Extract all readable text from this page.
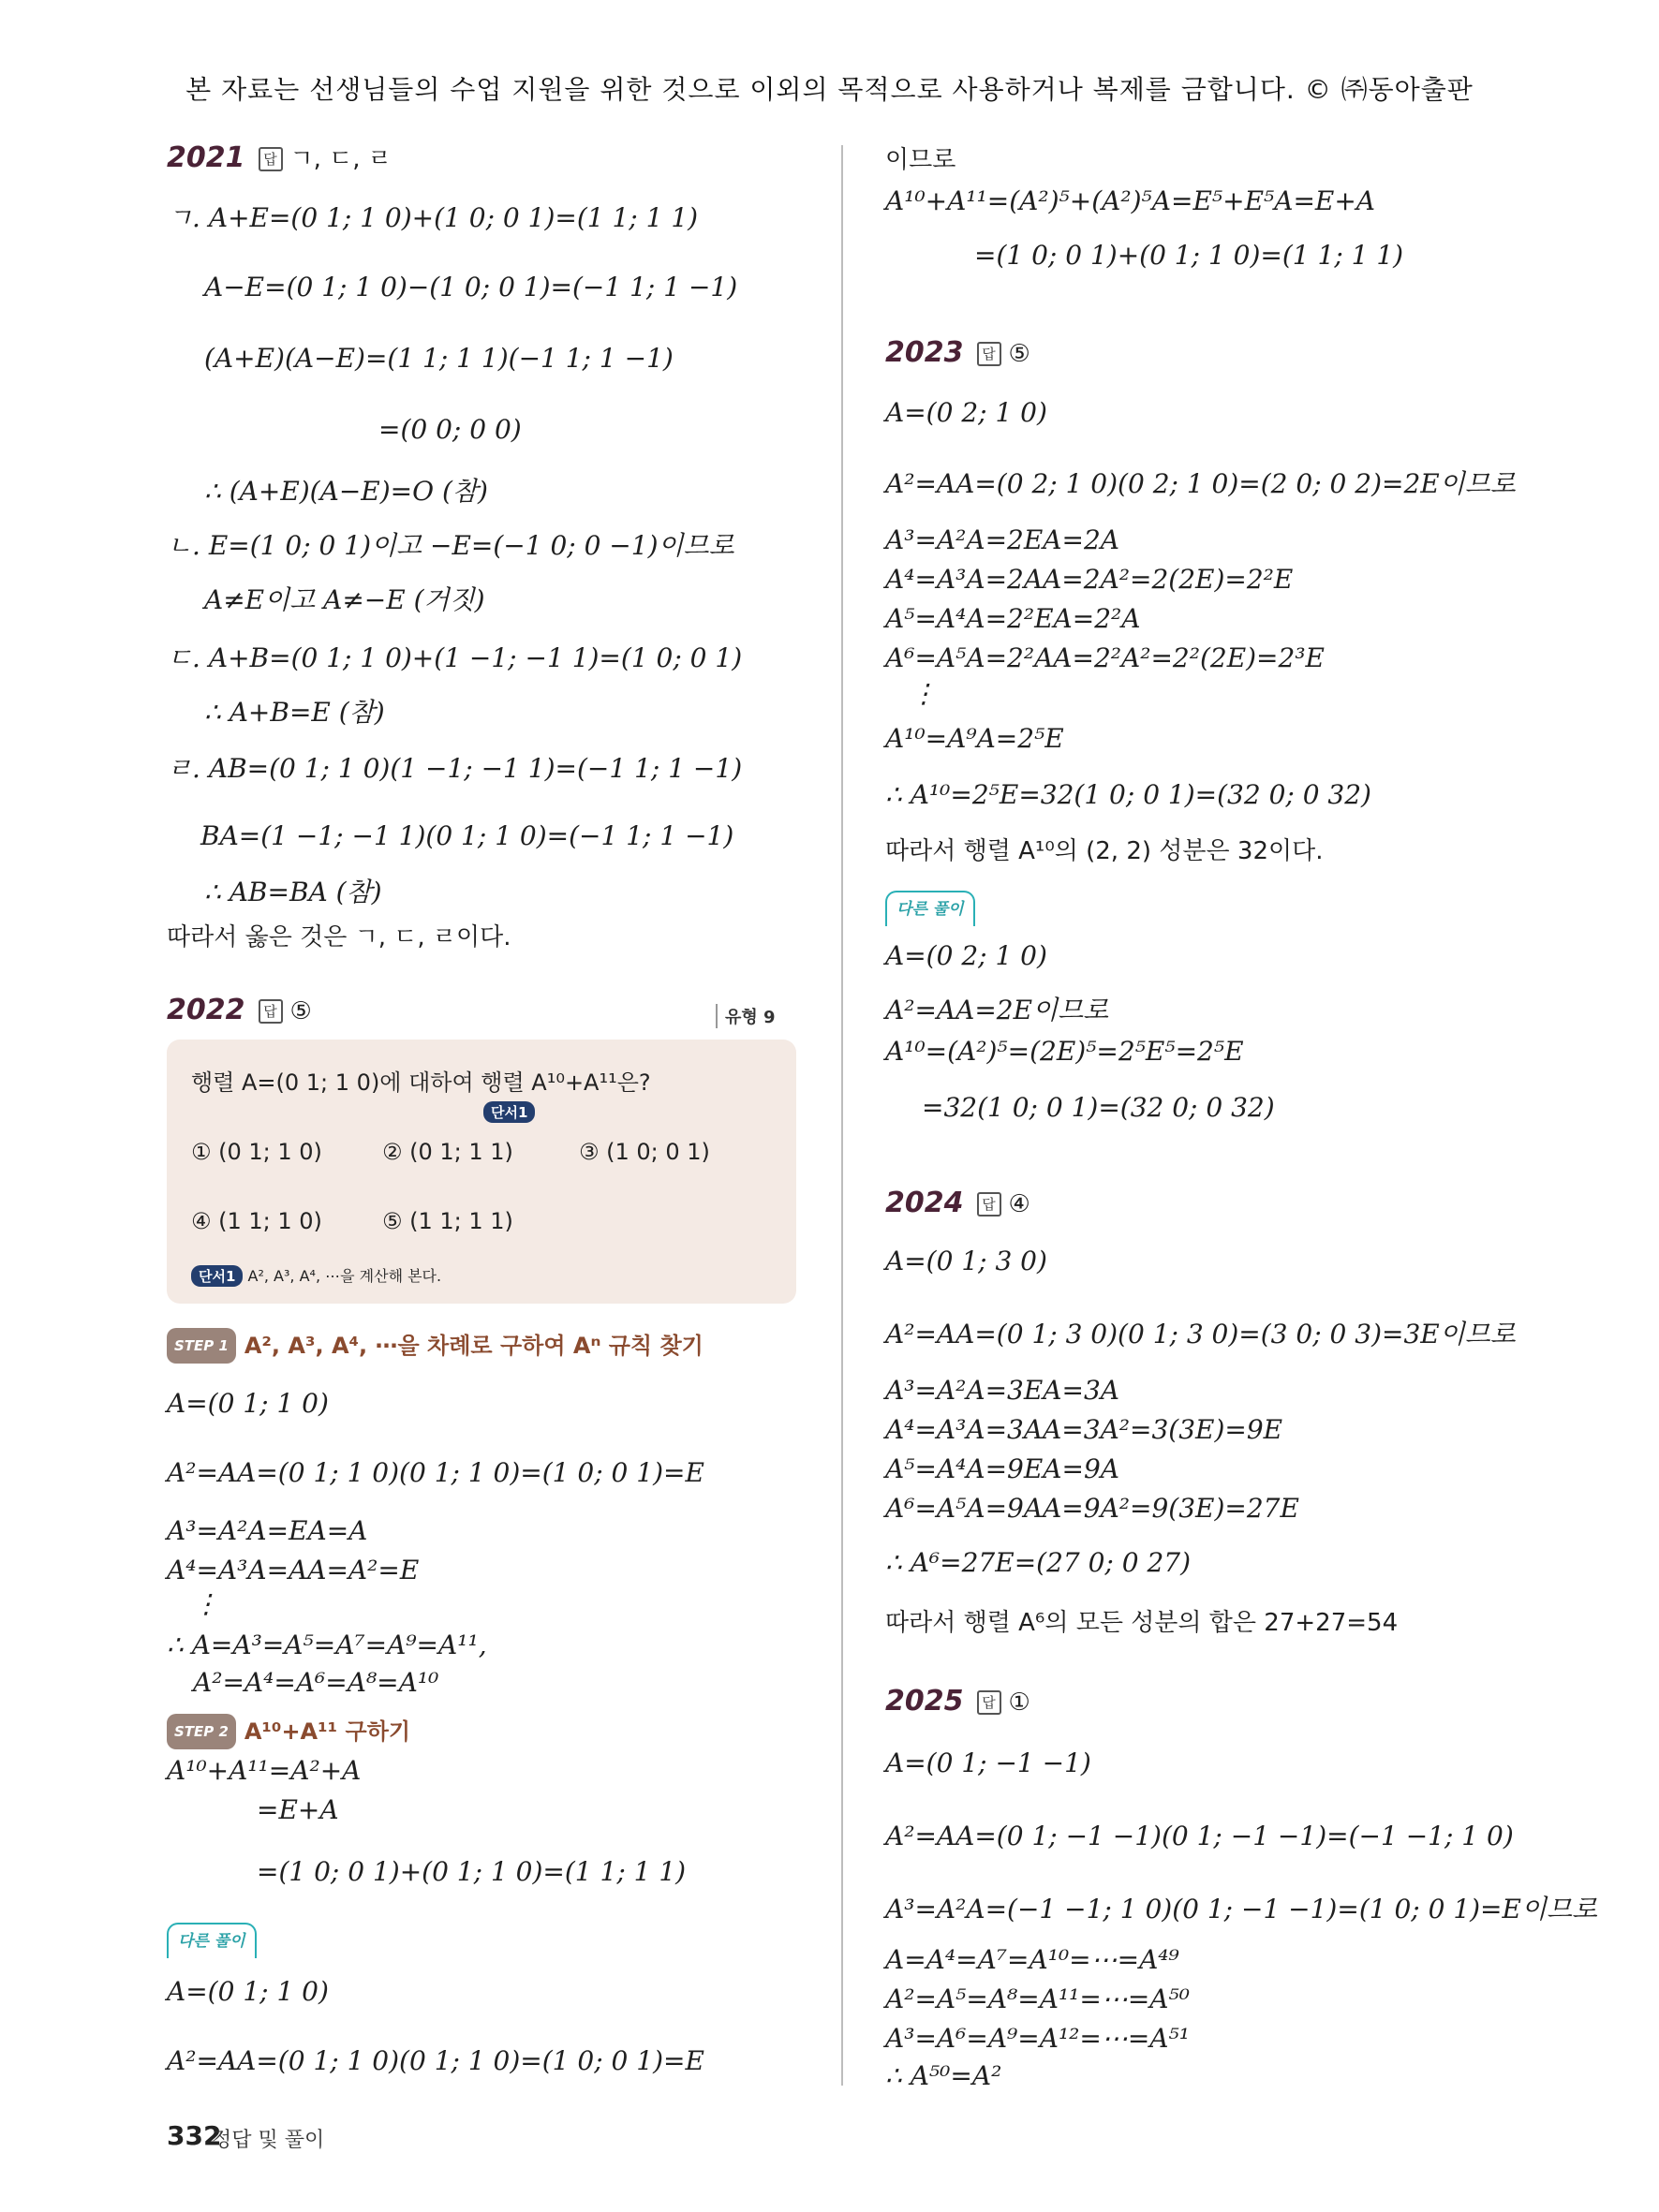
본 자료는 선생님들의 수업 지원을 위한 것으로 이외의 목적으로 사용하거나 복제를 금합니다. © ㈜동아출판
2021 답 ㄱ, ㄷ, ㄹ
ㄱ. A+E=(0 1; 1 0)+(1 0; 0 1)=(1 1; 1 1)
A−E=(0 1; 1 0)−(1 0; 0 1)=(−1 1; 1 −1)
(A+E)(A−E)=(1 1; 1 1)(−1 1; 1 −1)
=(0 0; 0 0)
∴ (A+E)(A−E)=O (참)
ㄴ. E=(1 0; 0 1)이고 −E=(−1 0; 0 −1)이므로
A≠E이고 A≠−E (거짓)
ㄷ. A+B=(0 1; 1 0)+(1 −1; −1 1)=(1 0; 0 1)
∴ A+B=E (참)
ㄹ. AB=(0 1; 1 0)(1 −1; −1 1)=(−1 1; 1 −1)
BA=(1 −1; −1 1)(0 1; 1 0)=(−1 1; 1 −1)
∴ AB=BA (참)
따라서 옳은 것은 ㄱ, ㄷ, ㄹ이다.
2022 답 ⑤	유형 9
행렬 A=(0 1; 1 0)에 대하여 행렬 A¹⁰+A¹¹은?
단서1
① (0 1; 1 0)	② (0 1; 1 1)	③ (1 0; 0 1)
④ (1 1; 1 0)	⑤ (1 1; 1 1)
단서1 A², A³, A⁴, ⋯을 계산해 본다.
STEP 1 A², A³, A⁴, ⋯을 차례로 구하여 Aⁿ 규칙 찾기
A=(0 1; 1 0)
A²=AA=(0 1; 1 0)(0 1; 1 0)=(1 0; 0 1)=E
A³=A²A=EA=A
A⁴=A³A=AA=A²=E
⋮
∴ A=A³=A⁵=A⁷=A⁹=A¹¹,
A²=A⁴=A⁶=A⁸=A¹⁰
STEP 2 A¹⁰+A¹¹ 구하기
A¹⁰+A¹¹=A²+A
=E+A
=(1 0; 0 1)+(0 1; 1 0)=(1 1; 1 1)
다른 풀이
A=(0 1; 1 0)
A²=AA=(0 1; 1 0)(0 1; 1 0)=(1 0; 0 1)=E
이므로
A¹⁰+A¹¹=(A²)⁵+(A²)⁵A=E⁵+E⁵A=E+A
=(1 0; 0 1)+(0 1; 1 0)=(1 1; 1 1)
2023 답 ⑤
A=(0 2; 1 0)
A²=AA=(0 2; 1 0)(0 2; 1 0)=(2 0; 0 2)=2E이므로
A³=A²A=2EA=2A
A⁴=A³A=2AA=2A²=2(2E)=2²E
A⁵=A⁴A=2²EA=2²A
A⁶=A⁵A=2²AA=2²A²=2²(2E)=2³E
⋮
A¹⁰=A⁹A=2⁵E
∴ A¹⁰=2⁵E=32(1 0; 0 1)=(32 0; 0 32)
따라서 행렬 A¹⁰의 (2, 2) 성분은 32이다.
다른 풀이
A=(0 2; 1 0)
A²=AA=2E이므로
A¹⁰=(A²)⁵=(2E)⁵=2⁵E⁵=2⁵E
=32(1 0; 0 1)=(32 0; 0 32)
2024 답 ④
A=(0 1; 3 0)
A²=AA=(0 1; 3 0)(0 1; 3 0)=(3 0; 0 3)=3E이므로
A³=A²A=3EA=3A
A⁴=A³A=3AA=3A²=3(3E)=9E
A⁵=A⁴A=9EA=9A
A⁶=A⁵A=9AA=9A²=9(3E)=27E
∴ A⁶=27E=(27 0; 0 27)
따라서 행렬 A⁶의 모든 성분의 합은 27+27=54
2025 답 ①
A=(0 1; −1 −1)
A²=AA=(0 1; −1 −1)(0 1; −1 −1)=(−1 −1; 1 0)
A³=A²A=(−1 −1; 1 0)(0 1; −1 −1)=(1 0; 0 1)=E이므로
A=A⁴=A⁷=A¹⁰=⋯=A⁴⁹
A²=A⁵=A⁸=A¹¹=⋯=A⁵⁰
A³=A⁶=A⁹=A¹²=⋯=A⁵¹
∴ A⁵⁰=A²
332
정답 및 풀이
